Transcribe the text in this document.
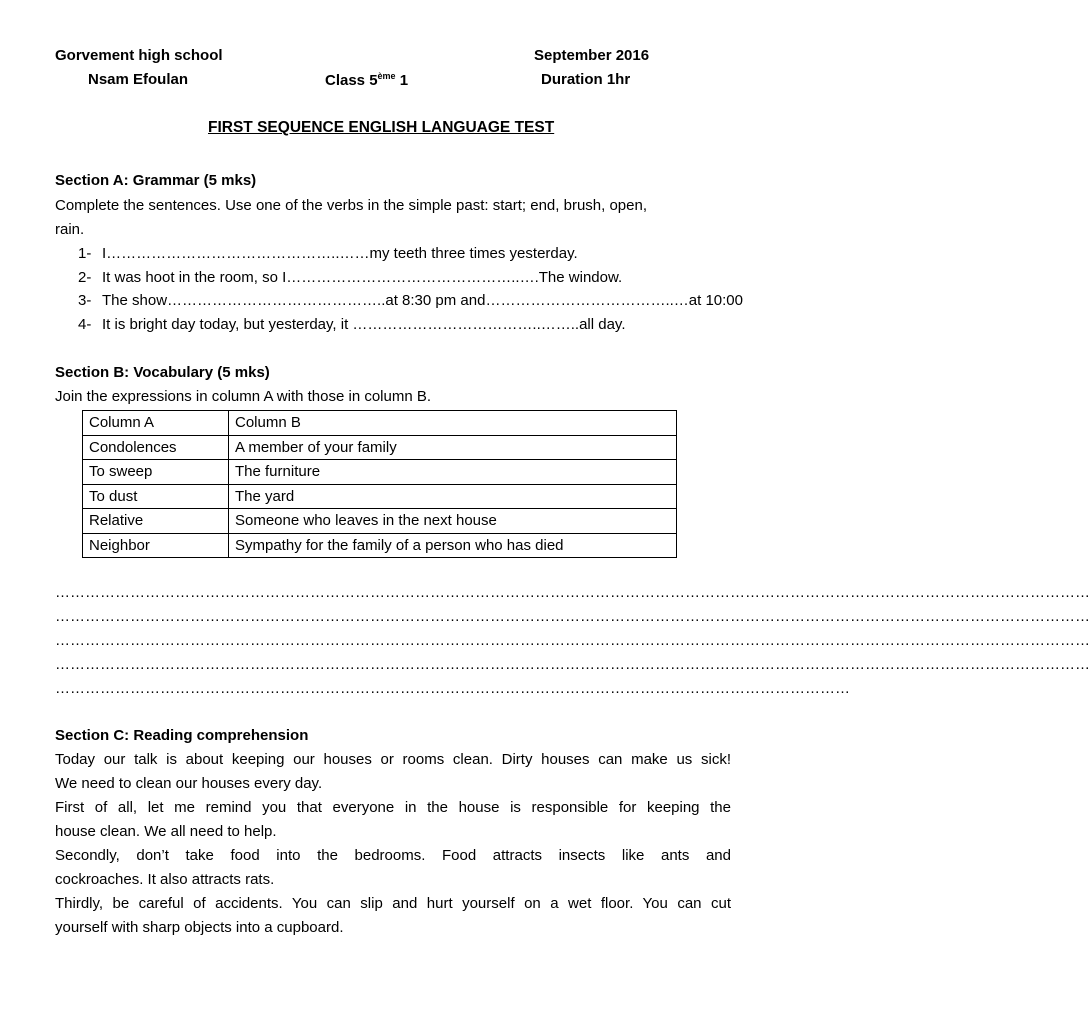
Gorvement high school	September 2016
Nsam Efoulan	Class 5ème 1	Duration 1hr
FIRST SEQUENCE ENGLISH LANGUAGE TEST
Section A: Grammar (5 mks)
Complete the sentences. Use one of the verbs in the simple past: start; end, brush, open,
rain.
1- I………………………………………..……my teeth three times yesterday.
2- It was hoot in the room, so I………………………………………..….The window.
3- The show……………………………………..at 8:30 pm and………………………………..…at 10:00
4- It is bright day today, but yesterday, it ………………………………..……..all day.
Section B: Vocabulary (5 mks)
Join the expressions in column A with those in column B.
Column A	Column B
Condolences	A member of your family
To sweep	The furniture
To dust	The yard
Relative	Someone who leaves in the next house
Neighbor	Sympathy for the family of a person who has died
………………………………………………………………………………………………………………………………………………………………………………………
………………………………………………………………………………………………………………………………………………………………………………………
………………………………………………………………………………………………………………………………………………………………………………………
………………………………………………………………………………………………………………………………………………………………………………………
……………………………………………………………………………………………………………………………………………
Section C: Reading comprehension

Today our talk is about keeping our houses or rooms clean. Dirty houses can make us sick!

We need to clean our houses every day.

First of all, let me remind you that everyone in the house is responsible for keeping the

house clean. We all need to help.

Secondly, don’t take food into the bedrooms. Food attracts insects like ants and

cockroaches. It also attracts rats.

Thirdly, be careful of accidents. You can slip and hurt yourself on a wet floor. You can cut

yourself with sharp objects into a cupboard.
